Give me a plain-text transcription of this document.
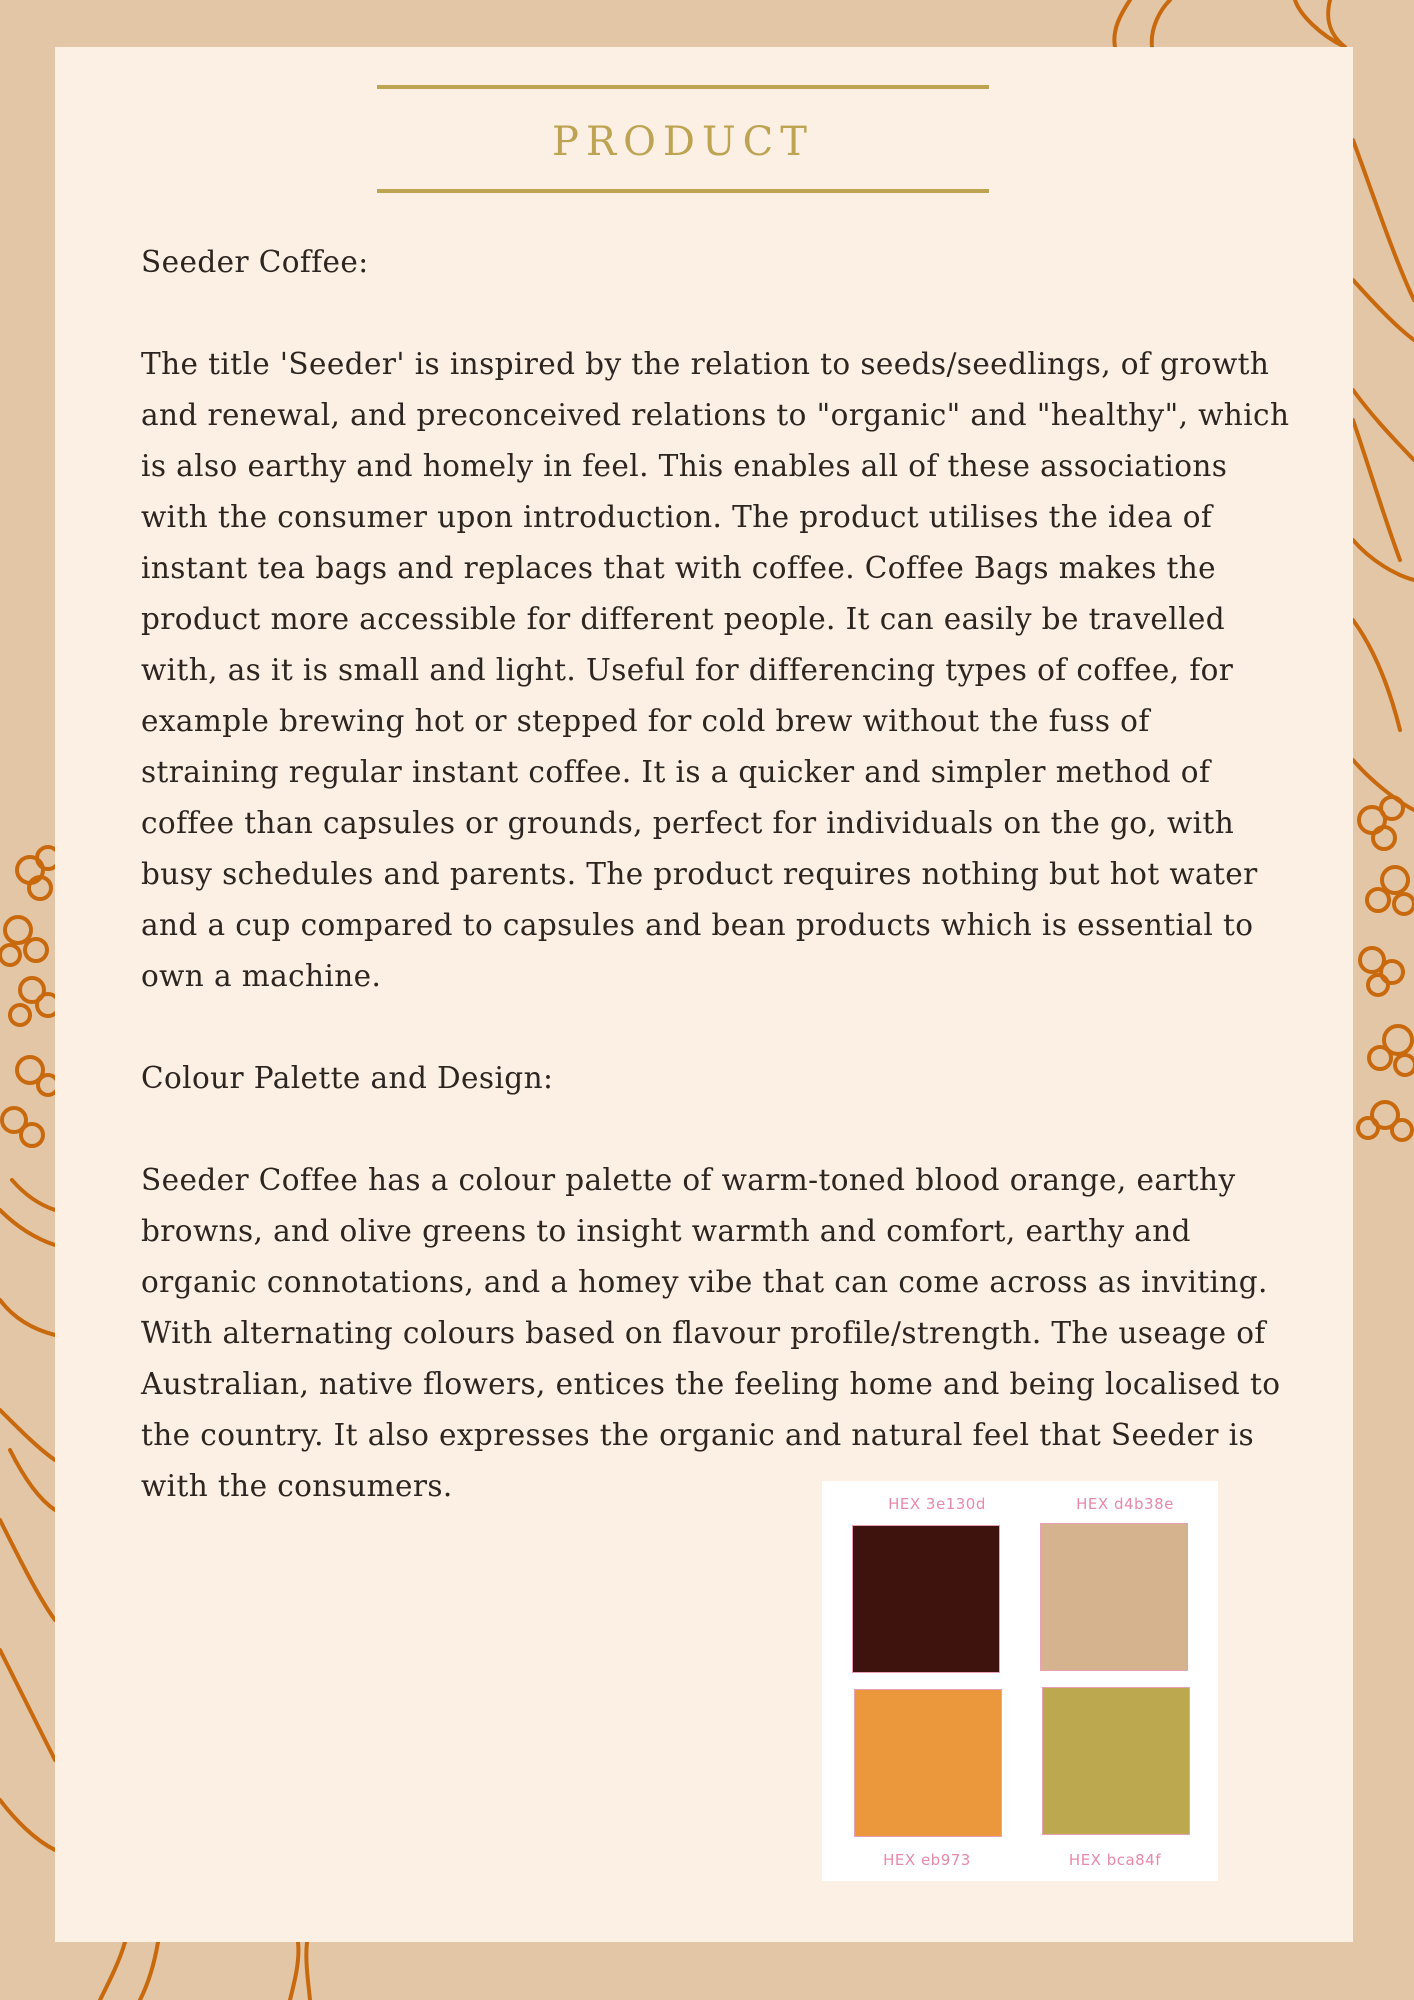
PRODUCT

Seeder Coffee:

The title 'Seeder' is inspired by the relation to seeds/seedlings, of growth and renewal, and preconceived relations to "organic" and "healthy", which is also earthy and homely in feel. This enables all of these associations with the consumer upon introduction. The product utilises the idea of instant tea bags and replaces that with coffee. Coffee Bags makes the product more accessible for different people. It can easily be travelled with, as it is small and light. Useful for differencing types of coffee, for example brewing hot or stepped for cold brew without the fuss of straining regular instant coffee. It is a quicker and simpler method of coffee than capsules or grounds, perfect for individuals on the go, with busy schedules and parents. The product requires nothing but hot water and a cup compared to capsules and bean products which is essential to own a machine.

Colour Palette and Design:

Seeder Coffee has a colour palette of warm-toned blood orange, earthy browns, and olive greens to insight warmth and comfort, earthy and organic connotations, and a homey vibe that can come across as inviting. With alternating colours based on flavour profile/strength. The useage of Australian, native flowers, entices the feeling home and being localised to the country. It also expresses the organic and natural feel that Seeder is with the consumers.

HEX 3e130d	HEX d4b38e
HEX eb973	HEX bca84f
